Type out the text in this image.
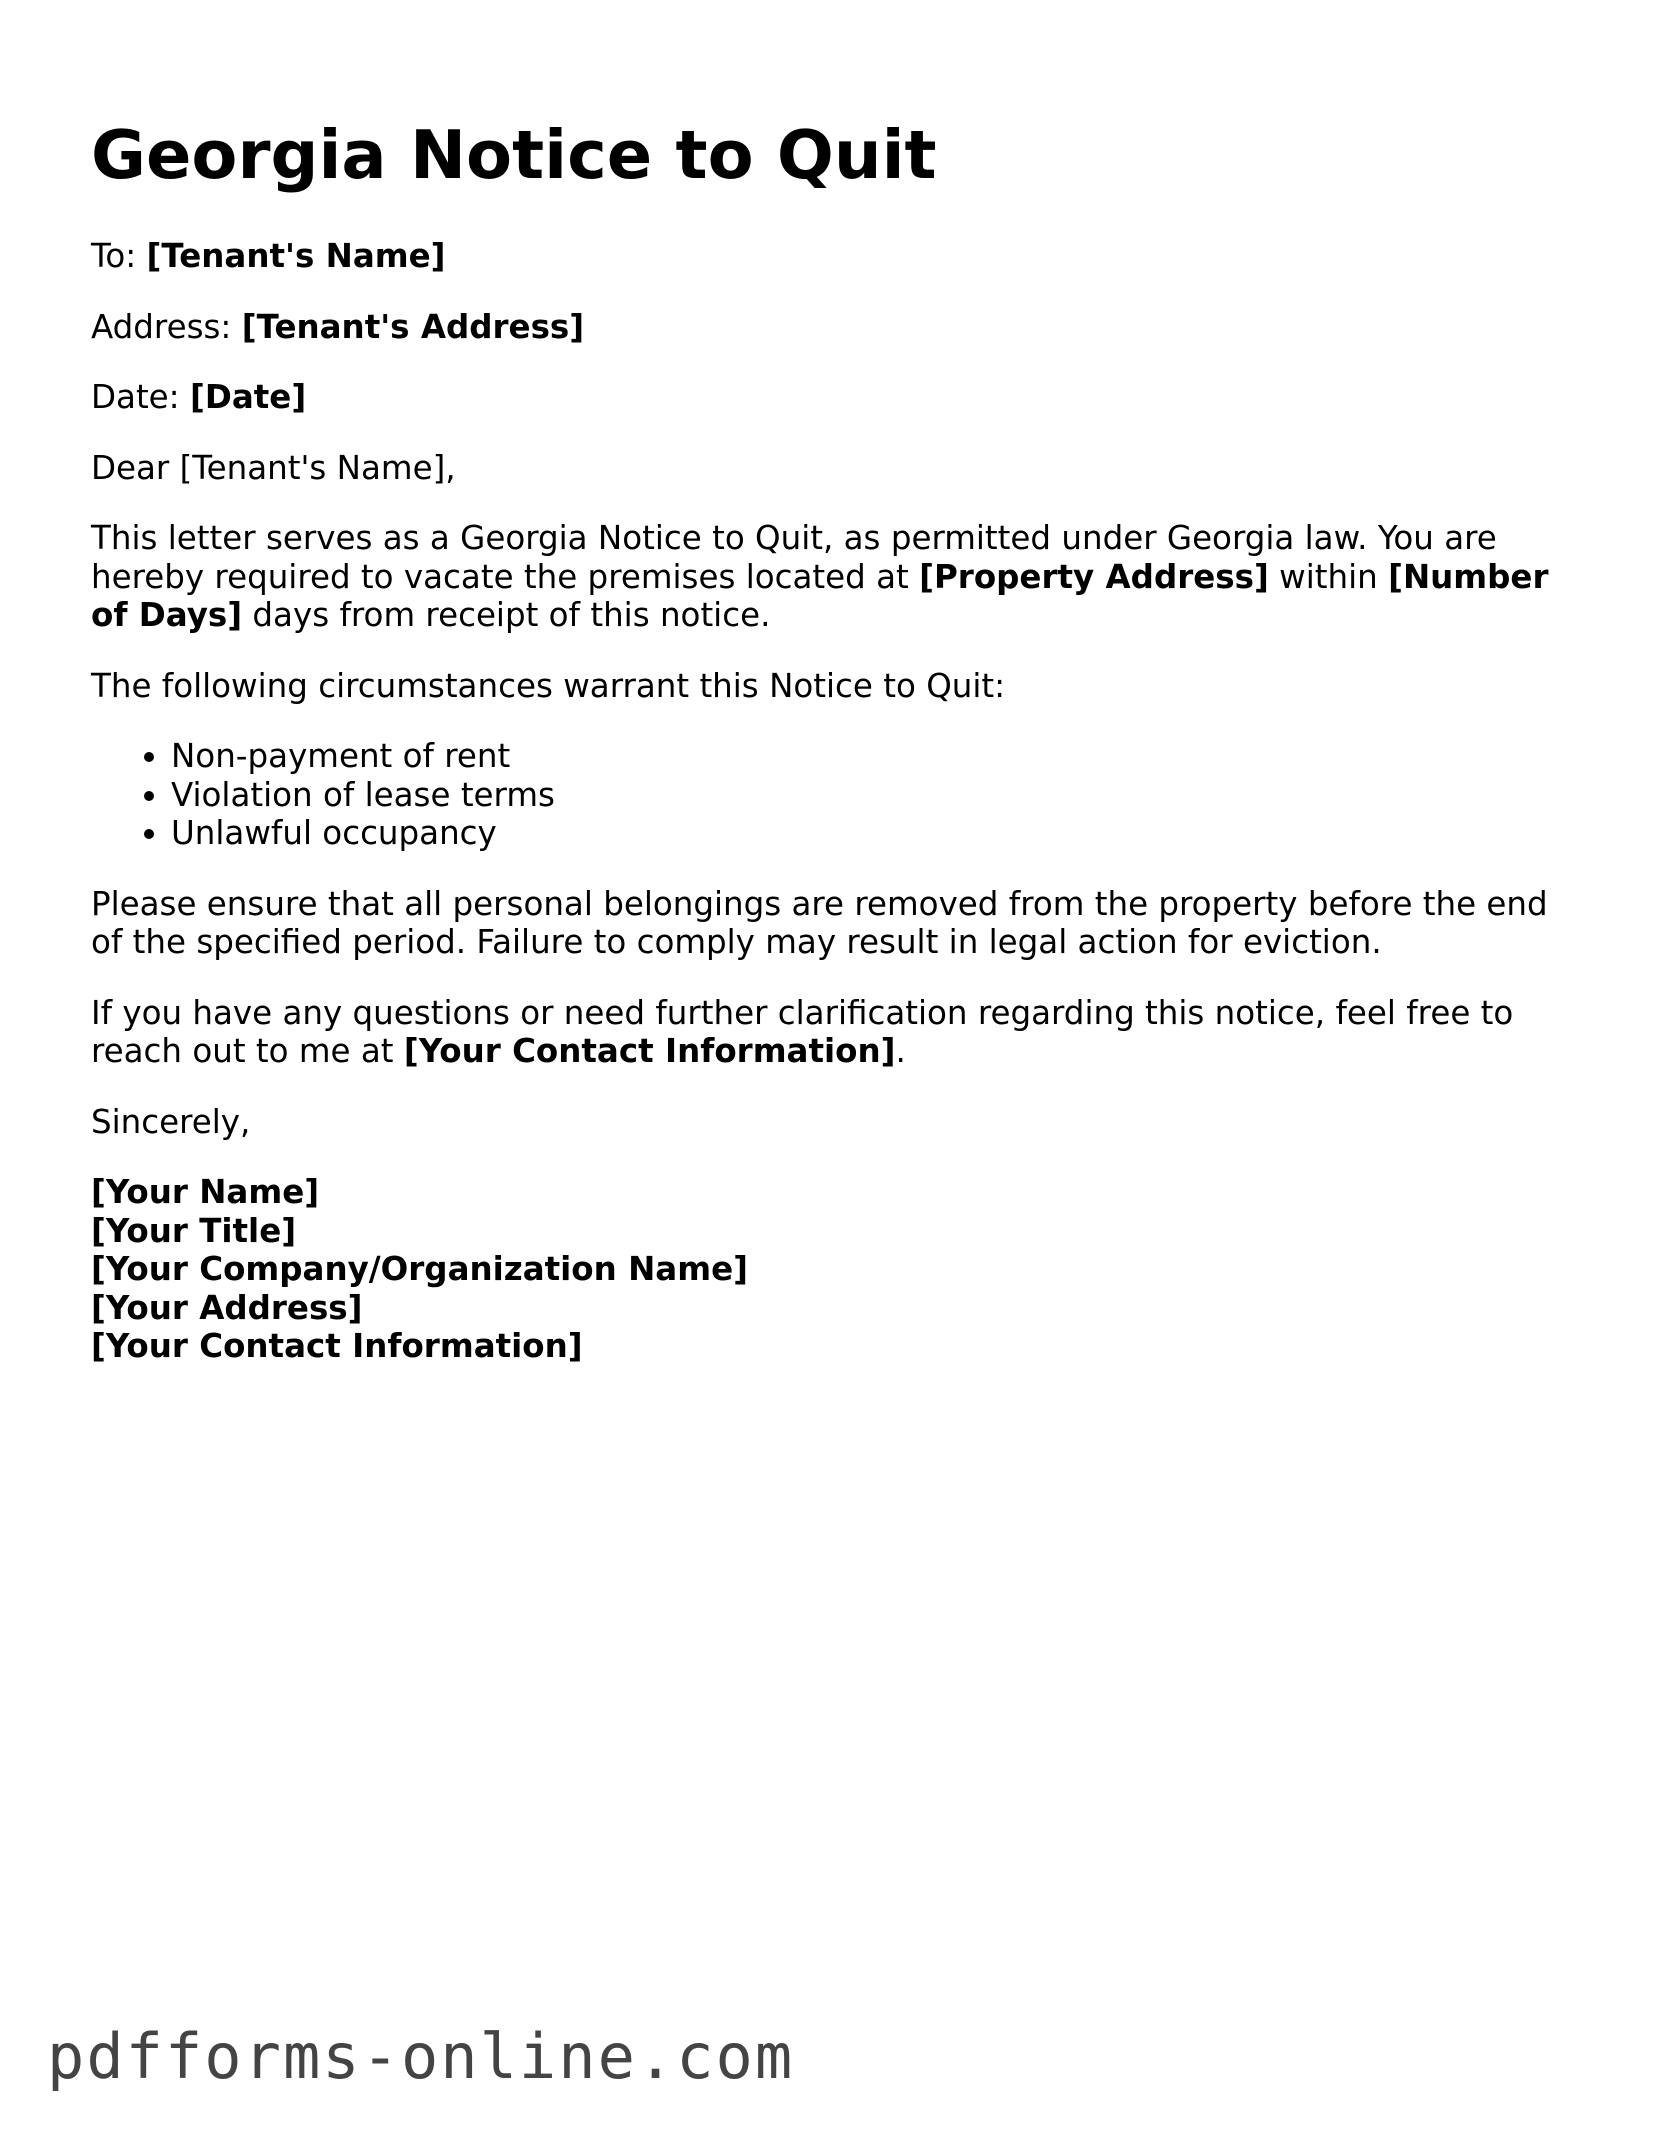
Georgia Notice to Quit

To: [Tenant's Name]

Address: [Tenant's Address]

Date: [Date]

Dear [Tenant's Name],

This letter serves as a Georgia Notice to Quit, as permitted under Georgia law. You are hereby required to vacate the premises located at [Property Address] within [Number of Days] days from receipt of this notice.

The following circumstances warrant this Notice to Quit:

• Non-payment of rent
• Violation of lease terms
• Unlawful occupancy

Please ensure that all personal belongings are removed from the property before the end of the specified period. Failure to comply may result in legal action for eviction.

If you have any questions or need further clarification regarding this notice, feel free to reach out to me at [Your Contact Information].

Sincerely,

[Your Name]
[Your Title]
[Your Company/Organization Name]
[Your Address]
[Your Contact Information]

pdfforms-online.com
